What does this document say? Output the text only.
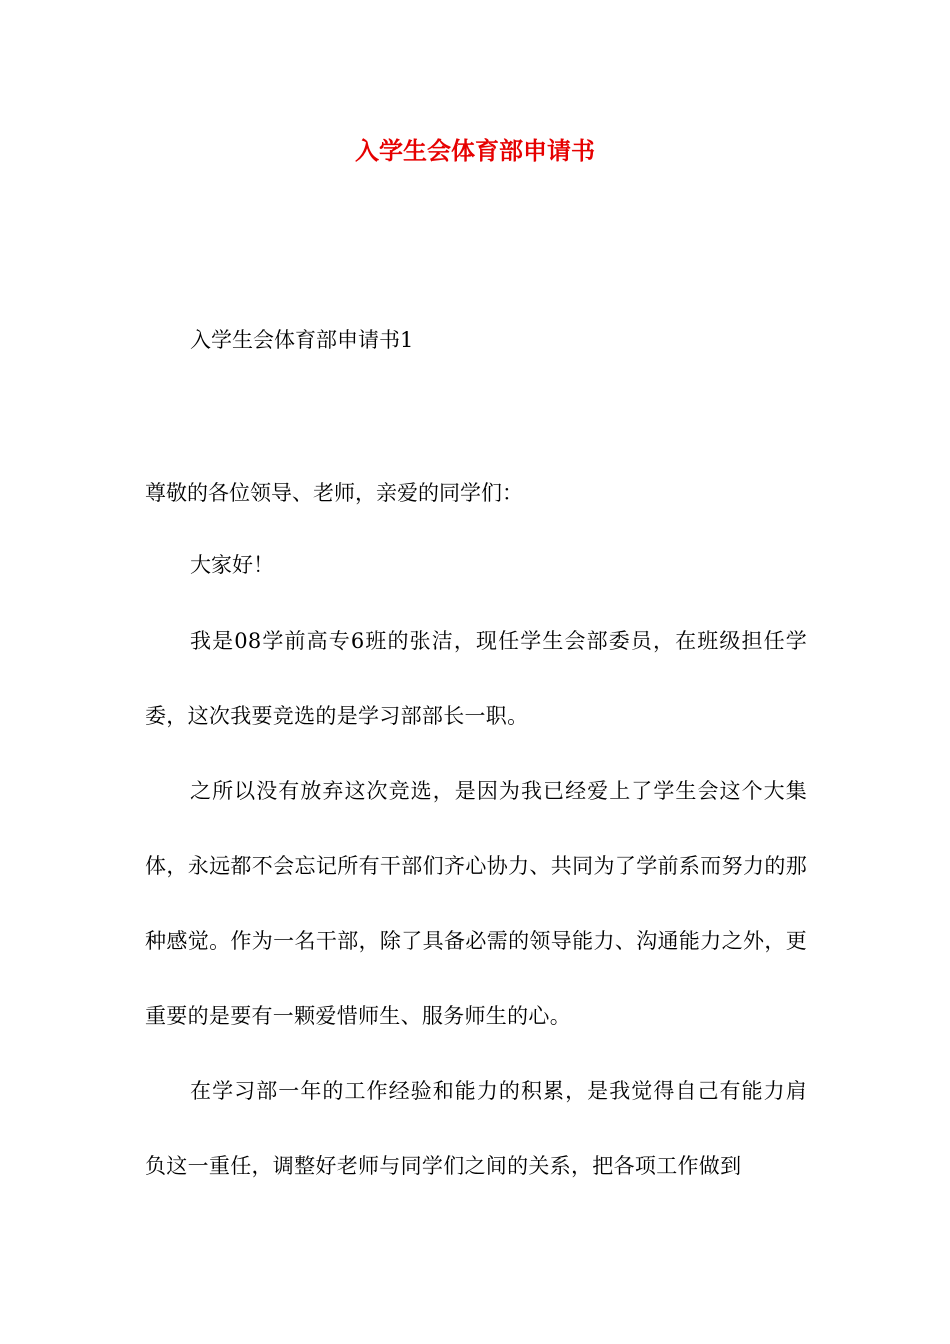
入学生会体育部申请书

入学生会体育部申请书1

尊敬的各位领导、老师，亲爱的同学们：

大家好！

我是08学前高专6班的张洁，现任学生会部委员，在班级担任学委，这次我要竞选的是学习部部长一职。

之所以没有放弃这次竞选，是因为我已经爱上了学生会这个大集体，永远都不会忘记所有干部们齐心协力、共同为了学前系而努力的那种感觉。作为一名干部，除了具备必需的领导能力、沟通能力之外，更重要的是要有一颗爱惜师生、服务师生的心。

在学习部一年的工作经验和能力的积累，是我觉得自己有能力肩负这一重任，调整好老师与同学们之间的关系，把各项工作做到
